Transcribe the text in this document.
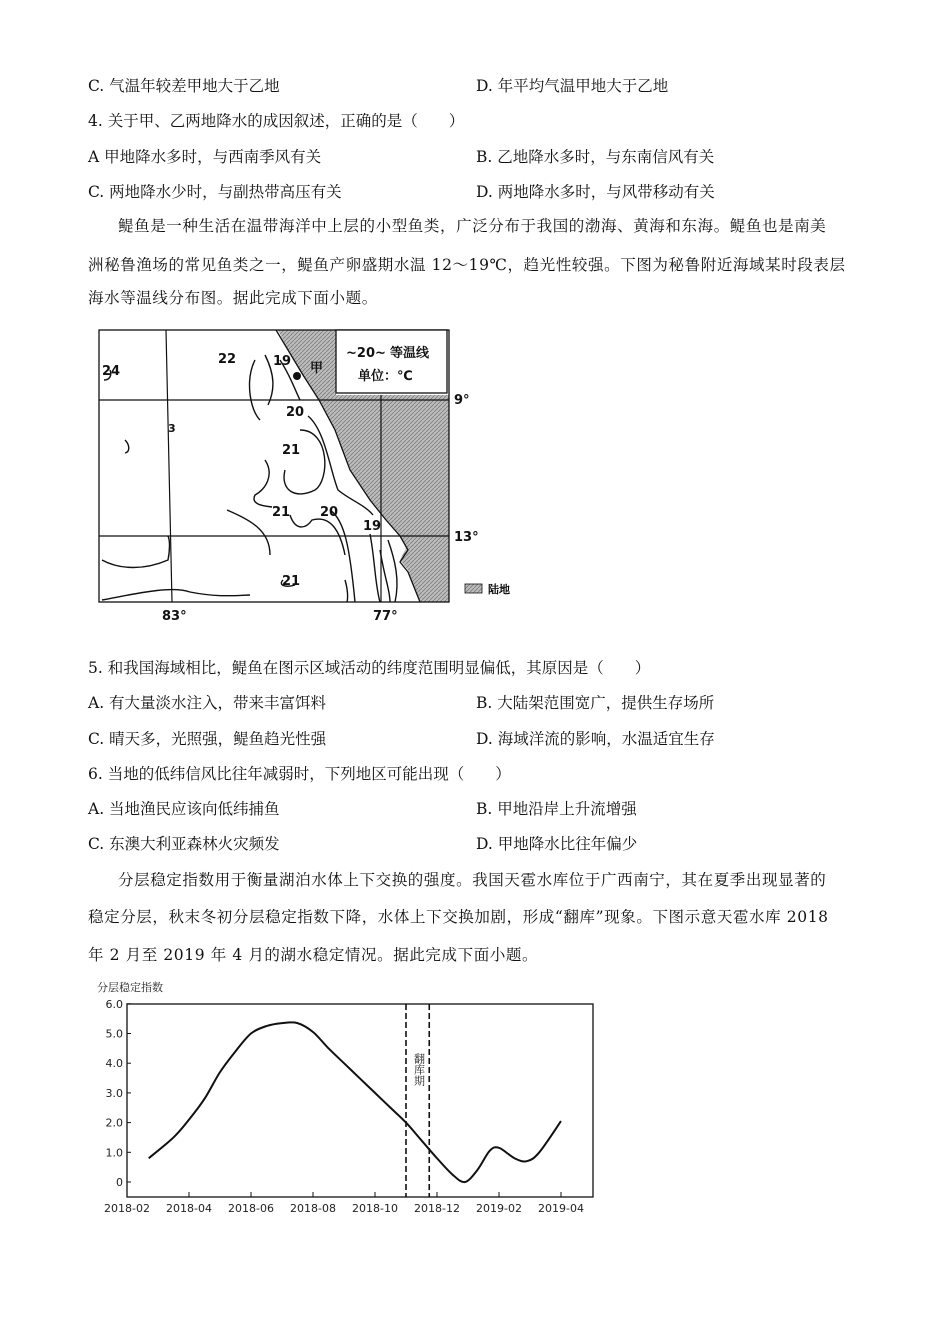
C. 气温年较差甲地大于乙地	D. 年平均气温甲地大于乙地
4. 关于甲、乙两地降水的成因叙述，正确的是（　　）
A 甲地降水多时，与西南季风有关	B. 乙地降水多时，与东南信风有关
C. 两地降水少时，与副热带高压有关	D. 两地降水多时，与风带移动有关
鳀鱼是一种生活在温带海洋中上层的小型鱼类，广泛分布于我国的渤海、黄海和东海。鳀鱼也是南美
洲秘鲁渔场的常见鱼类之一，鳀鱼产卵盛期水温 12～19℃，趋光性较强。下图为秘鲁附近海域某时段表层
海水等温线分布图。据此完成下面小题。
24
22	19
20
21
21 20
19
21
3
甲
~20~ 等温线
单位：℃
9°
13°
83°	77°
陆地
5. 和我国海域相比，鳀鱼在图示区域活动的纬度范围明显偏低，其原因是（　　）
A. 有大量淡水注入，带来丰富饵料	B. 大陆架范围宽广，提供生存场所
C. 晴天多，光照强，鳀鱼趋光性强	D. 海域洋流的影响，水温适宜生存
6. 当地的低纬信风比往年减弱时，下列地区可能出现（　　）
A. 当地渔民应该向低纬捕鱼	B. 甲地沿岸上升流增强
C. 东澳大利亚森林火灾频发	D. 甲地降水比往年偏少
分层稳定指数用于衡量湖泊水体上下交换的强度。我国天雹水库位于广西南宁，其在夏季出现显著的
稳定分层，秋末冬初分层稳定指数下降，水体上下交换加剧，形成“翻库”现象。下图示意天雹水库 2018
年 2 月至 2019 年 4 月的湖水稳定情况。据此完成下面小题。
分层稳定指数
0
1.0
2.0
3.0
4.0
5.0
6.0
2018-02 2018-04 2018-06 2018-08 2018-10 2018-12 2019-02 2019-04
翻库期
